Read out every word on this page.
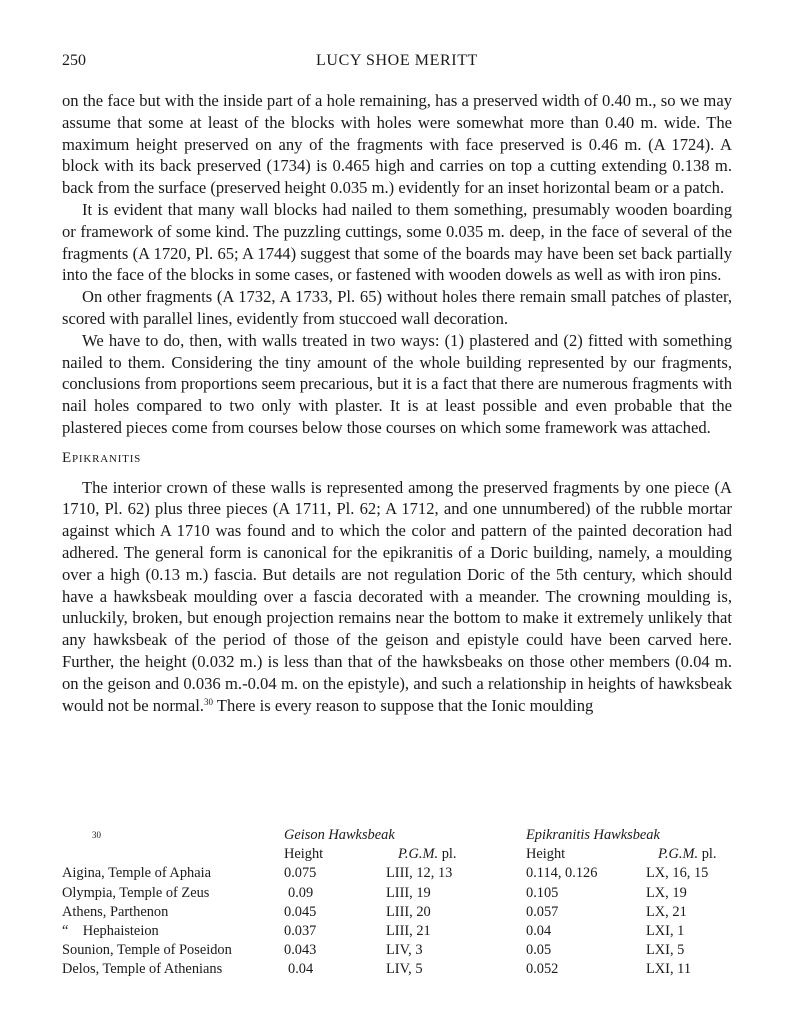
250	LUCY SHOE MERITT

on the face but with the inside part of a hole remaining, has a preserved width of 0.40 m., so we may assume that some at least of the blocks with holes were somewhat more than 0.40 m. wide. The maximum height preserved on any of the fragments with face preserved is 0.46 m. (A 1724). A block with its back preserved (1734) is 0.465 high and carries on top a cutting extending 0.138 m. back from the surface (preserved height 0.035 m.) evidently for an inset horizontal beam or a patch.

It is evident that many wall blocks had nailed to them something, presumably wooden boarding or framework of some kind. The puzzling cuttings, some 0.035 m. deep, in the face of several of the fragments (A 1720, Pl. 65; A 1744) suggest that some of the boards may have been set back partially into the face of the blocks in some cases, or fastened with wooden dowels as well as with iron pins.

On other fragments (A 1732, A 1733, Pl. 65) without holes there remain small patches of plaster, scored with parallel lines, evidently from stuccoed wall decoration.

We have to do, then, with walls treated in two ways: (1) plastered and (2) fitted with something nailed to them. Considering the tiny amount of the whole building represented by our fragments, conclusions from proportions seem precarious, but it is a fact that there are numerous fragments with nail holes compared to two only with plaster. It is at least possible and even probable that the plastered pieces come from courses below those courses on which some framework was attached.

Epikranitis

The interior crown of these walls is represented among the preserved fragments by one piece (A 1710, Pl. 62) plus three pieces (A 1711, Pl. 62; A 1712, and one unnumbered) of the rubble mortar against which A 1710 was found and to which the color and pattern of the painted decoration had adhered. The general form is canonical for the epikranitis of a Doric building, namely, a moulding over a high (0.13 m.) fascia. But details are not regulation Doric of the 5th century, which should have a hawksbeak moulding over a fascia decorated with a meander. The crowning moulding is, unluckily, broken, but enough projection remains near the bottom to make it extremely unlikely that any hawksbeak of the period of those of the geison and epistyle could have been carved here. Further, the height (0.032 m.) is less than that of the hawksbeaks on those other members (0.04 m. on the geison and 0.036 m.-0.04 m. on the epistyle), and such a relationship in heights of hawksbeak would not be normal.$^{30}$ There is every reason to suppose that the Ionic moulding

30	Geison Hawksbeak		Epikranitis Hawksbeak	
	Height	P.G.M. pl.	Height	P.G.M. pl.
Aigina, Temple of Aphaia	0.075	LIII, 12, 13	0.114, 0.126	LX, 16, 15
Olympia, Temple of Zeus	0.09	LIII, 19	0.105	LX, 19
Athens, Parthenon	0.045	LIII, 20	0.057	LX, 21
“    Hephaisteion	0.037	LIII, 21	0.04	LXI, 1
Sounion, Temple of Poseidon	0.043	LIV, 3	0.05	LXI, 5
Delos, Temple of Athenians	0.04	LIV, 5	0.052	LXI, 11
